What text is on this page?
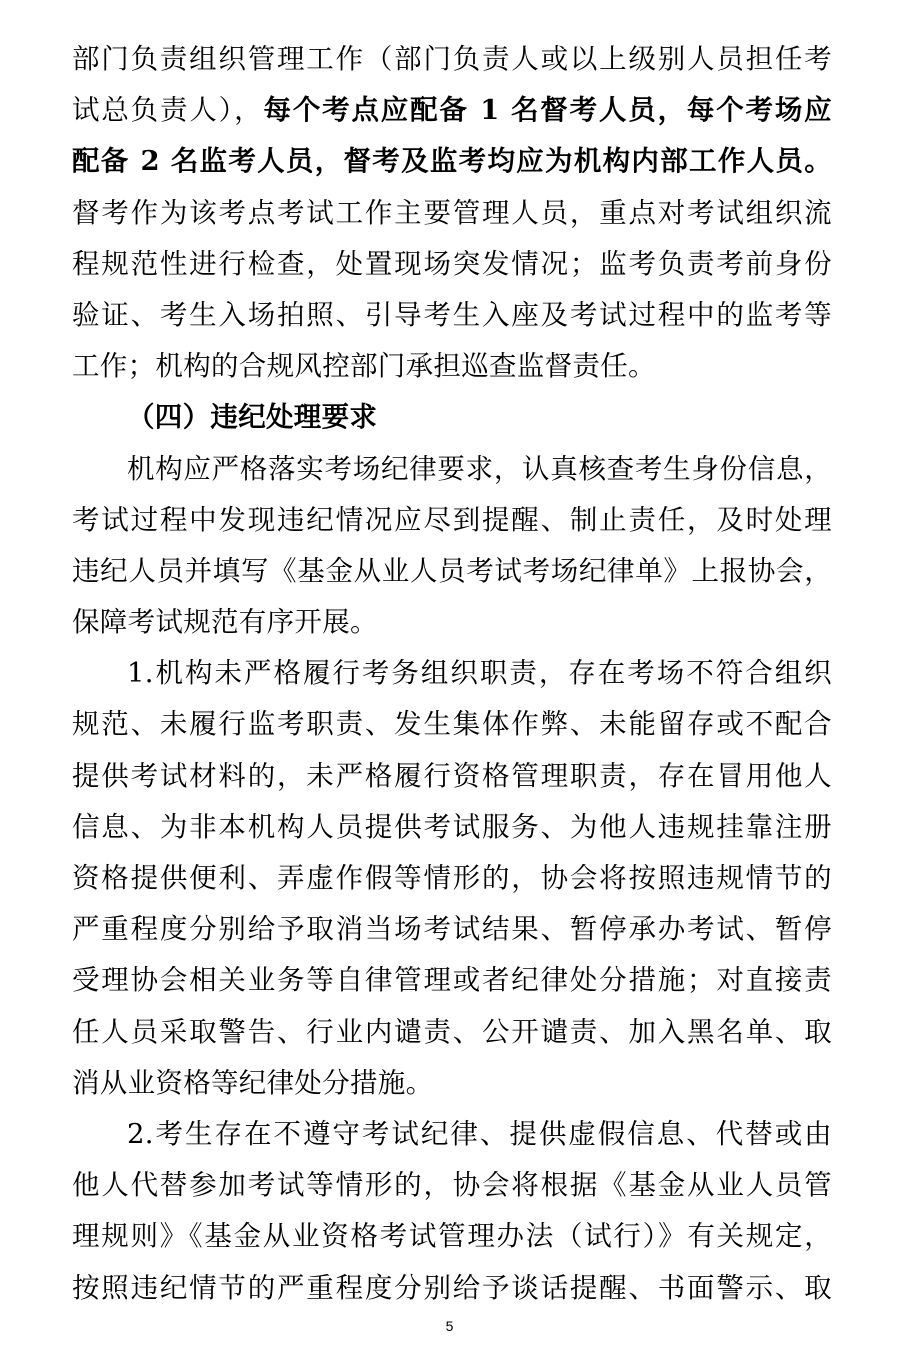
部门负责组织管理工作（部门负责人或以上级别人员担任考
试总负责人），每个考点应配备 1 名督考人员，每个考场应
配备 2 名监考人员，督考及监考均应为机构内部工作人员。
督考作为该考点考试工作主要管理人员，重点对考试组织流
程规范性进行检查，处置现场突发情况；监考负责考前身份
验证、考生入场拍照、引导考生入座及考试过程中的监考等
工作；机构的合规风控部门承担巡查监督责任。
（四）违纪处理要求
机构应严格落实考场纪律要求，认真核查考生身份信息，
考试过程中发现违纪情况应尽到提醒、制止责任，及时处理
违纪人员并填写《基金从业人员考试考场纪律单》上报协会，
保障考试规范有序开展。
1.机构未严格履行考务组织职责，存在考场不符合组织
规范、未履行监考职责、发生集体作弊、未能留存或不配合
提供考试材料的，未严格履行资格管理职责，存在冒用他人
信息、为非本机构人员提供考试服务、为他人违规挂靠注册
资格提供便利、弄虚作假等情形的，协会将按照违规情节的
严重程度分别给予取消当场考试结果、暂停承办考试、暂停
受理协会相关业务等自律管理或者纪律处分措施；对直接责
任人员采取警告、行业内谴责、公开谴责、加入黑名单、取
消从业资格等纪律处分措施。
2.考生存在不遵守考试纪律、提供虚假信息、代替或由
他人代替参加考试等情形的，协会将根据《基金从业人员管
理规则》《基金从业资格考试管理办法（试行）》有关规定，
按照违纪情节的严重程度分别给予谈话提醒、书面警示、取
5
